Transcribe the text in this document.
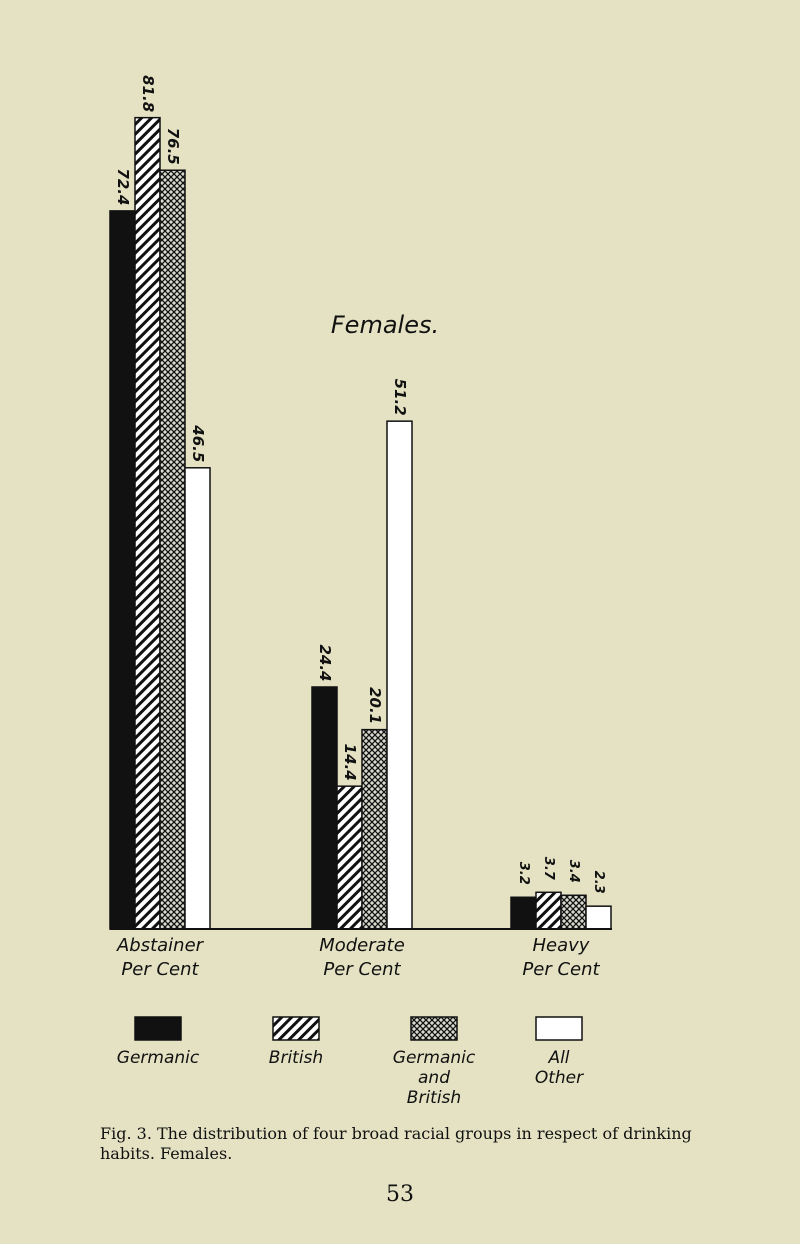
72.4
81.8
76.5
46.5
24.4
14.4
20.1
51.2
3.2 3.7 3.4 2.3
Females.
Abstainer
Per Cent
Moderate
Per Cent
Heavy
Per Cent
Germanic	British	Germanic
and
British
All
Other
Fig. 3. The distribution of four broad racial groups in respect of drinking habits. Females.
53
